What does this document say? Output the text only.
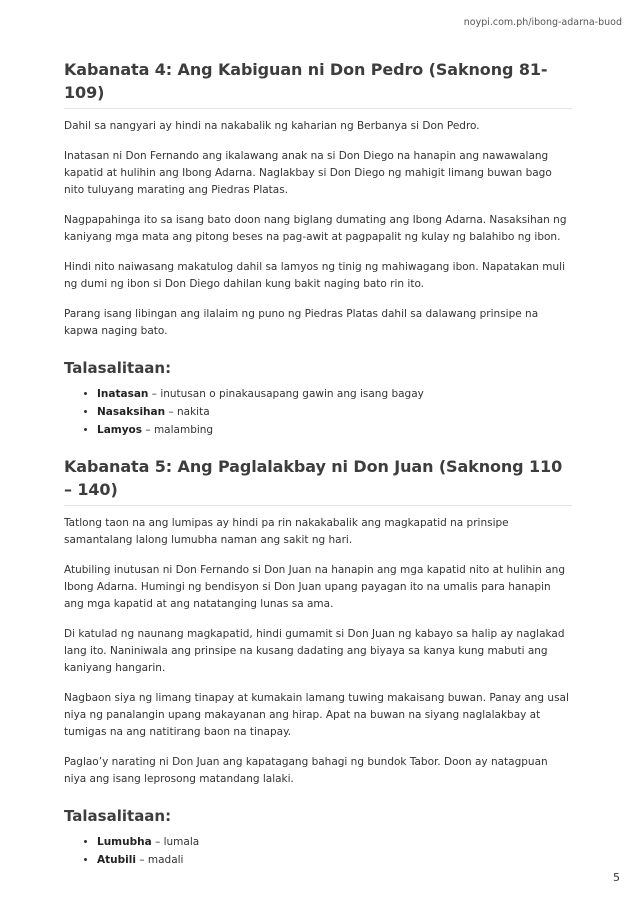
noypi.com.ph/ibong-adarna-buod
Kabanata 4: Ang Kabiguan ni Don Pedro (Saknong 81-109)

Dahil sa nangyari ay hindi na nakabalik ng kaharian ng Berbanya si Don Pedro.

Inatasan ni Don Fernando ang ikalawang anak na si Don Diego na hanapin ang nawawalang kapatid at hulihin ang Ibong Adarna. Naglakbay si Don Diego ng mahigit limang buwan bago nito tuluyang marating ang Piedras Platas.

Nagpapahinga ito sa isang bato doon nang biglang dumating ang Ibong Adarna. Nasaksihan ng kaniyang mga mata ang pitong beses na pag-awit at pagpapalit ng kulay ng balahibo ng ibon.

Hindi nito naiwasang makatulog dahil sa lamyos ng tinig ng mahiwagang ibon. Napatakan muli ng dumi ng ibon si Don Diego dahilan kung bakit naging bato rin ito.

Parang isang libingan ang ilalaim ng puno ng Piedras Platas dahil sa dalawang prinsipe na kapwa naging bato.

Talasalitaan:
• Inatasan – inutusan o pinakausapang gawin ang isang bagay
• Nasaksihan – nakita
• Lamyos – malambing
Kabanata 5: Ang Paglalakbay ni Don Juan (Saknong 110 – 140)

Tatlong taon na ang lumipas ay hindi pa rin nakakabalik ang magkapatid na prinsipe samantalang lalong lumubha naman ang sakit ng hari.

Atubiling inutusan ni Don Fernando si Don Juan na hanapin ang mga kapatid nito at hulihin ang Ibong Adarna. Humingi ng bendisyon si Don Juan upang payagan ito na umalis para hanapin ang mga kapatid at ang natatanging lunas sa ama.

Di katulad ng naunang magkapatid, hindi gumamit si Don Juan ng kabayo sa halip ay naglakad lang ito. Naniniwala ang prinsipe na kusang dadating ang biyaya sa kanya kung mabuti ang kaniyang hangarin.

Nagbaon siya ng limang tinapay at kumakain lamang tuwing makaisang buwan. Panay ang usal niya ng panalangin upang makayanan ang hirap. Apat na buwan na siyang naglalakbay at tumigas na ang natitirang baon na tinapay.

Paglao’y narating ni Don Juan ang kapatagang bahagi ng bundok Tabor. Doon ay natagpuan niya ang isang leprosong matandang lalaki.

Talasalitaan:
• Lumubha – lumala
• Atubili – madali
5
